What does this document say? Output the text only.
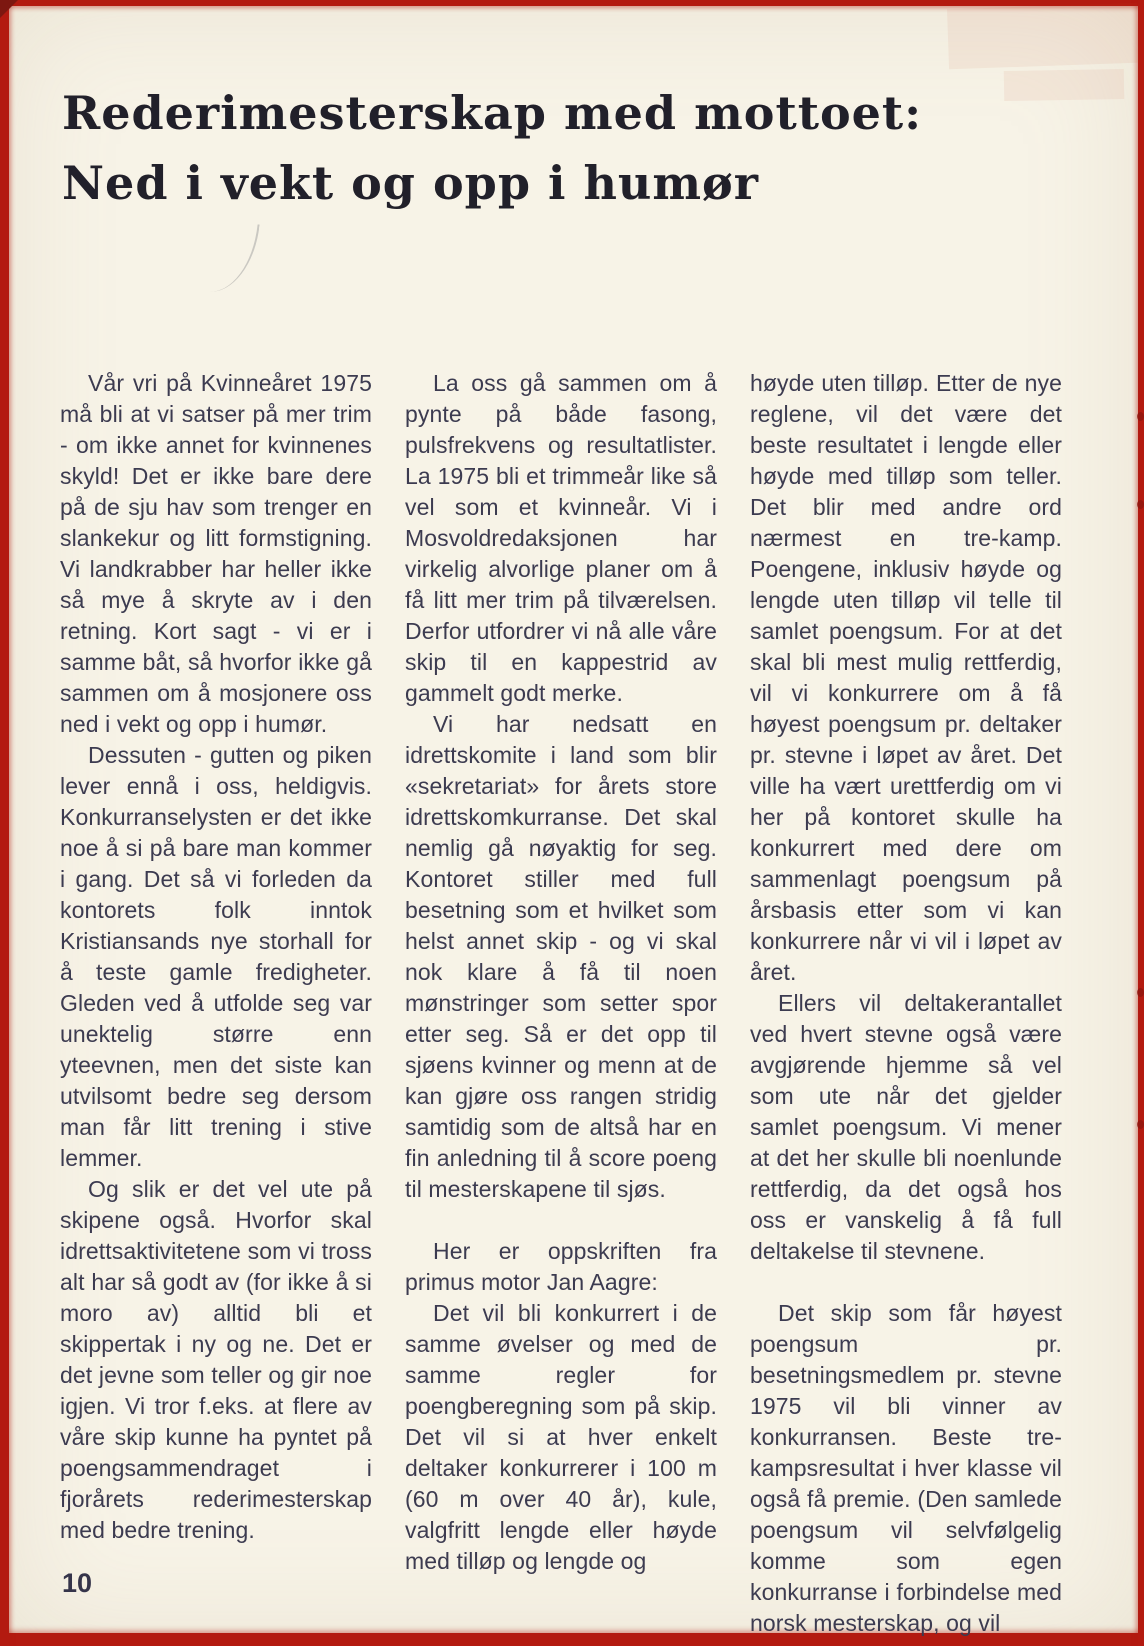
Rederimesterskap med mottoet:
Ned i vekt og opp i humør

Vår vri på Kvinneåret 1975 må bli at vi satser på mer trim - om ikke annet for kvinnenes skyld! Det er ikke bare dere på de sju hav som trenger en slankekur og litt formstigning. Vi landkrabber har heller ikke så mye å skryte av i den retning. Kort sagt - vi er i samme båt, så hvorfor ikke gå sammen om å mosjonere oss ned i vekt og opp i humør.

Dessuten - gutten og piken lever ennå i oss, heldigvis. Konkurranselysten er det ikke noe å si på bare man kommer i gang. Det så vi forleden da kontorets folk inntok Kristiansands nye storhall for å teste gamle fredigheter. Gleden ved å utfolde seg var unektelig større enn yteevnen, men det siste kan utvilsomt bedre seg dersom man får litt trening i stive lemmer.

Og slik er det vel ute på skipene også. Hvorfor skal idrettsaktivitetene som vi tross alt har så godt av (for ikke å si moro av) alltid bli et skippertak i ny og ne. Det er det jevne som teller og gir noe igjen. Vi tror f.eks. at flere av våre skip kunne ha pyntet på poengsammendraget i fjorårets rederimesterskap med bedre trening.

La oss gå sammen om å pynte på både fasong, pulsfrekvens og resultatlister. La 1975 bli et trimmeår like så vel som et kvinneår. Vi i Mosvoldredaksjonen har virkelig alvorlige planer om å få litt mer trim på tilværelsen. Derfor utfordrer vi nå alle våre skip til en kappestrid av gammelt godt merke.

Vi har nedsatt en idrettskomite i land som blir «sekretariat» for årets store idrettskomkurranse. Det skal nemlig gå nøyaktig for seg. Kontoret stiller med full besetning som et hvilket som helst annet skip - og vi skal nok klare å få til noen mønstringer som setter spor etter seg. Så er det opp til sjøens kvinner og menn at de kan gjøre oss rangen stridig samtidig som de altså har en fin anledning til å score poeng til mesterskapene til sjøs.

Her er oppskriften fra primus motor Jan Aagre:

Det vil bli konkurrert i de samme øvelser og med de samme regler for poengberegning som på skip. Det vil si at hver enkelt deltaker konkurrerer i 100 m (60 m over 40 år), kule, valgfritt lengde eller høyde med tilløp og lengde og

høyde uten tilløp. Etter de nye reglene, vil det være det beste resultatet i lengde eller høyde med tilløp som teller. Det blir med andre ord nærmest en tre-kamp. Poengene, inklusiv høyde og lengde uten tilløp vil telle til samlet poengsum. For at det skal bli mest mulig rettferdig, vil vi konkurrere om å få høyest poengsum pr. deltaker pr. stevne i løpet av året. Det ville ha vært urettferdig om vi her på kontoret skulle ha konkurrert med dere om sammenlagt poengsum på årsbasis etter som vi kan konkurrere når vi vil i løpet av året.

Ellers vil deltakerantallet ved hvert stevne også være avgjørende hjemme så vel som ute når det gjelder samlet poengsum. Vi mener at det her skulle bli noenlunde rettferdig, da det også hos oss er vanskelig å få full deltakelse til stevnene.

Det skip som får høyest poengsum pr. besetningsmedlem pr. stevne 1975 vil bli vinner av konkurransen. Beste tre-kampsresultat i hver klasse vil også få premie. (Den samlede poengsum vil selvfølgelig komme som egen konkurranse i forbindelse med norsk mesterskap, og vil

10
